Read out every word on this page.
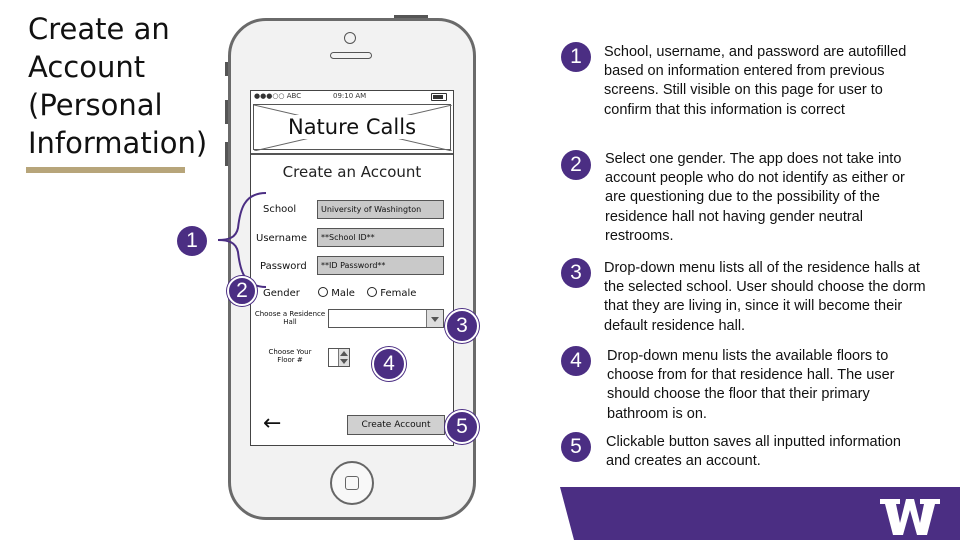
Create an Account (Personal Information)
●●●○○ ABC	09:10 AM
Nature Calls
Create an Account
School	University of Washington
Username	**School ID**
Password	**ID Password**
Gender	Male	Female
Choose a Residence Hall
Choose Your Floor #
←	Create Account
1
2
3
4
5
1	School, username, and password are autofilled based on information entered from previous screens. Still visible on this page for user to confirm that this information is correct
2	Select one gender. The app does not take into account people who do not identify as either or are questioning due to the possibility of the residence hall not having gender neutral restrooms.
3	Drop-down menu lists all of the residence halls at the selected school. User should choose the dorm that they are living in, since it will become their default residence hall.
4	Drop-down menu lists the available floors to choose from for that residence hall. The user should choose the floor that their primary bathroom is on.
5	Clickable button saves all inputted information and creates an account.
